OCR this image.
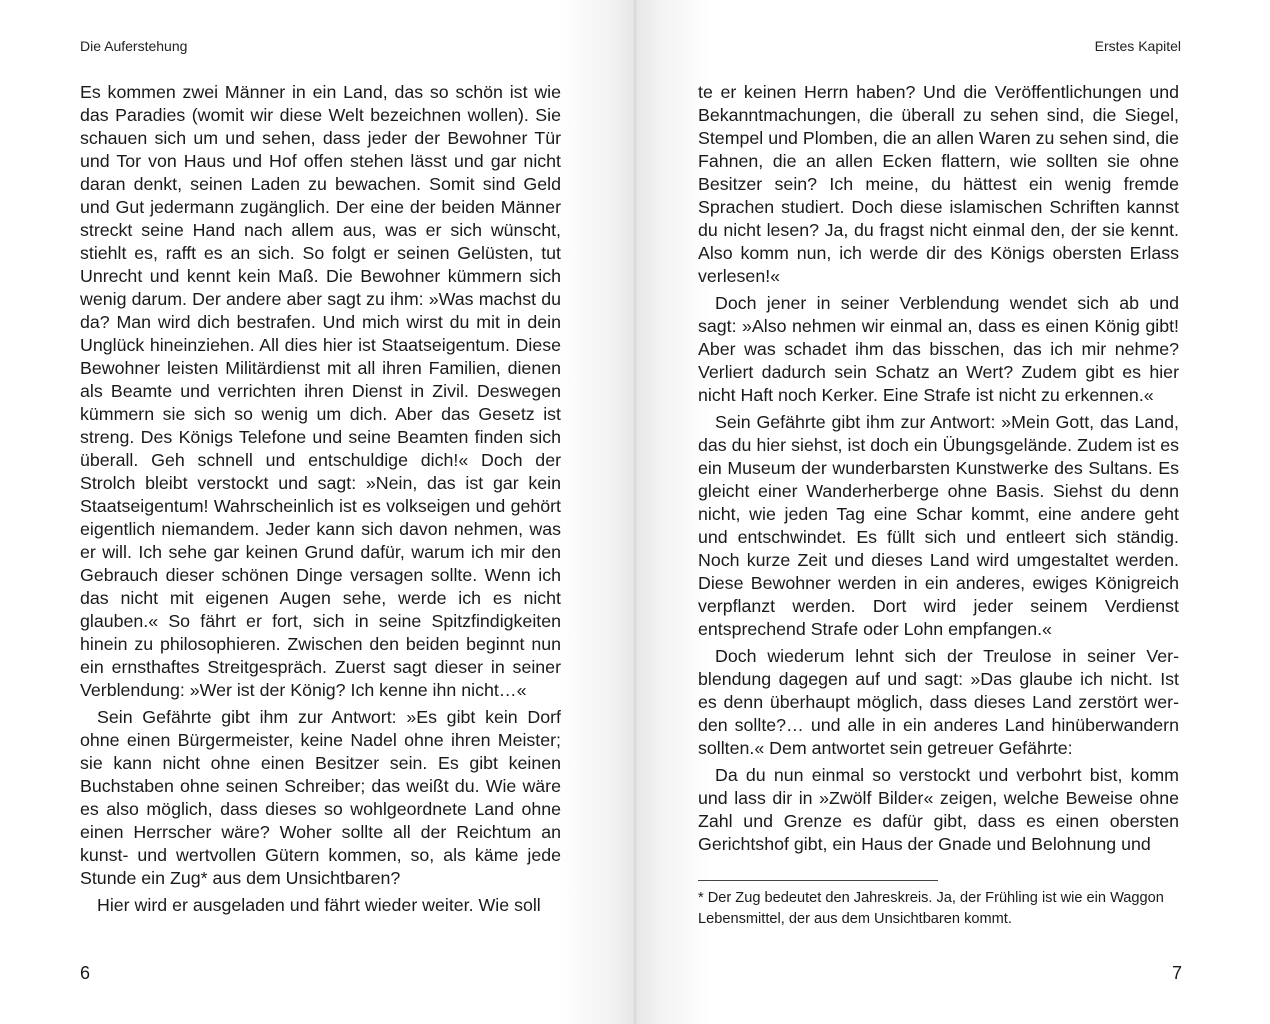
Die Auferstehung

Es kommen zwei Männer in ein Land, das so schön ist wie das Paradies (womit wir diese Welt bezeichnen wollen). Sie schauen sich um und sehen, dass jeder der Bewohner Tür und Tor von Haus und Hof offen stehen lässt und gar nicht daran denkt, seinen Laden zu bewachen. Somit sind Geld und Gut jedermann zugänglich. Der eine der beiden Männer streckt seine Hand nach allem aus, was er sich wünscht, stiehlt es, rafft es an sich. So folgt er seinen Gelüsten, tut Unrecht und kennt kein Maß. Die Bewohner kümmern sich wenig darum. Der andere aber sagt zu ihm: »Was machst du da? Man wird dich bestrafen. Und mich wirst du mit in dein Unglück hineinziehen. All dies hier ist Staatseigentum. Diese Bewohner leisten Militärdienst mit all ihren Familien, dienen als Beamte und verrichten ihren Dienst in Zivil. Deswegen kümmern sie sich so wenig um dich. Aber das Gesetz ist streng. Des Königs Telefone und seine Beamten finden sich überall. Geh schnell und entschuldige dich!« Doch der Strolch bleibt verstockt und sagt: »Nein, das ist gar kein Staatseigentum! Wahrscheinlich ist es volkseigen und gehört eigentlich niemandem. Jeder kann sich davon nehmen, was er will. Ich sehe gar keinen Grund dafür, warum ich mir den Gebrauch dieser schönen Dinge versagen sollte. Wenn ich das nicht mit eigenen Augen sehe, werde ich es nicht glauben.« So fährt er fort, sich in seine Spitzfindigkeiten hinein zu philosophieren. Zwischen den beiden beginnt nun ein ernsthaftes Streitgespräch. Zuerst sagt dieser in seiner Verblendung: »Wer ist der König? Ich kenne ihn nicht…«

Sein Gefährte gibt ihm zur Antwort: »Es gibt kein Dorf ohne einen Bürgermeister, keine Nadel ohne ihren Meister; sie kann nicht ohne einen Besitzer sein. Es gibt keinen Buchstaben ohne seinen Schreiber; das weißt du. Wie wäre es also möglich, dass dieses so wohlgeordnete Land ohne einen Herrscher wäre? Woher sollte all der Reichtum an kunst- und wertvollen Gütern kommen, so, als käme jede Stunde ein Zug* aus dem Unsichtbaren?

Hier wird er ausgeladen und fährt wieder weiter. Wie soll

6
Erstes Kapitel

te er keinen Herrn haben? Und die Veröffentlichungen und Bekanntmachungen, die überall zu sehen sind, die Siegel, Stempel und Plomben, die an allen Waren zu sehen sind, die Fahnen, die an allen Ecken flattern, wie sollten sie ohne Besitzer sein? Ich meine, du hättest ein wenig fremde Sprachen studiert. Doch diese islamischen Schriften kannst du nicht lesen? Ja, du fragst nicht einmal den, der sie kennt. Also komm nun, ich werde dir des Königs obersten Erlass verlesen!«

Doch jener in seiner Verblendung wendet sich ab und sagt: »Also nehmen wir einmal an, dass es einen König gibt! Aber was schadet ihm das bisschen, das ich mir nehme? Verliert dadurch sein Schatz an Wert? Zudem gibt es hier nicht Haft noch Kerker. Eine Strafe ist nicht zu erkennen.«

Sein Gefährte gibt ihm zur Antwort: »Mein Gott, das Land, das du hier siehst, ist doch ein Übungsgelände. Zudem ist es ein Museum der wunderbarsten Kunstwerke des Sultans. Es gleicht einer Wanderherberge ohne Basis. Siehst du denn nicht, wie jeden Tag eine Schar kommt, eine andere geht und entschwindet. Es füllt sich und entleert sich ständig. Noch kurze Zeit und dieses Land wird umgestaltet werden. Diese Bewohner werden in ein anderes, ewiges Königreich verpflanzt werden. Dort wird jeder seinem Verdienst entsprechend Strafe oder Lohn empfangen.«

Doch wiederum lehnt sich der Treulose in seiner Verblendung dagegen auf und sagt: »Das glaube ich nicht. Ist es denn überhaupt möglich, dass dieses Land zerstört werden sollte?… und alle in ein anderes Land hinüberwandern sollten.« Dem antwortet sein getreuer Gefährte:

Da du nun einmal so verstockt und verbohrt bist, komm und lass dir in »Zwölf Bilder« zeigen, welche Beweise ohne Zahl und Grenze es dafür gibt, dass es einen obersten Gerichtshof gibt, ein Haus der Gnade und Belohnung und

* Der Zug bedeutet den Jahreskreis. Ja, der Frühling ist wie ein Waggon Lebensmittel, der aus dem Unsichtbaren kommt.

7
